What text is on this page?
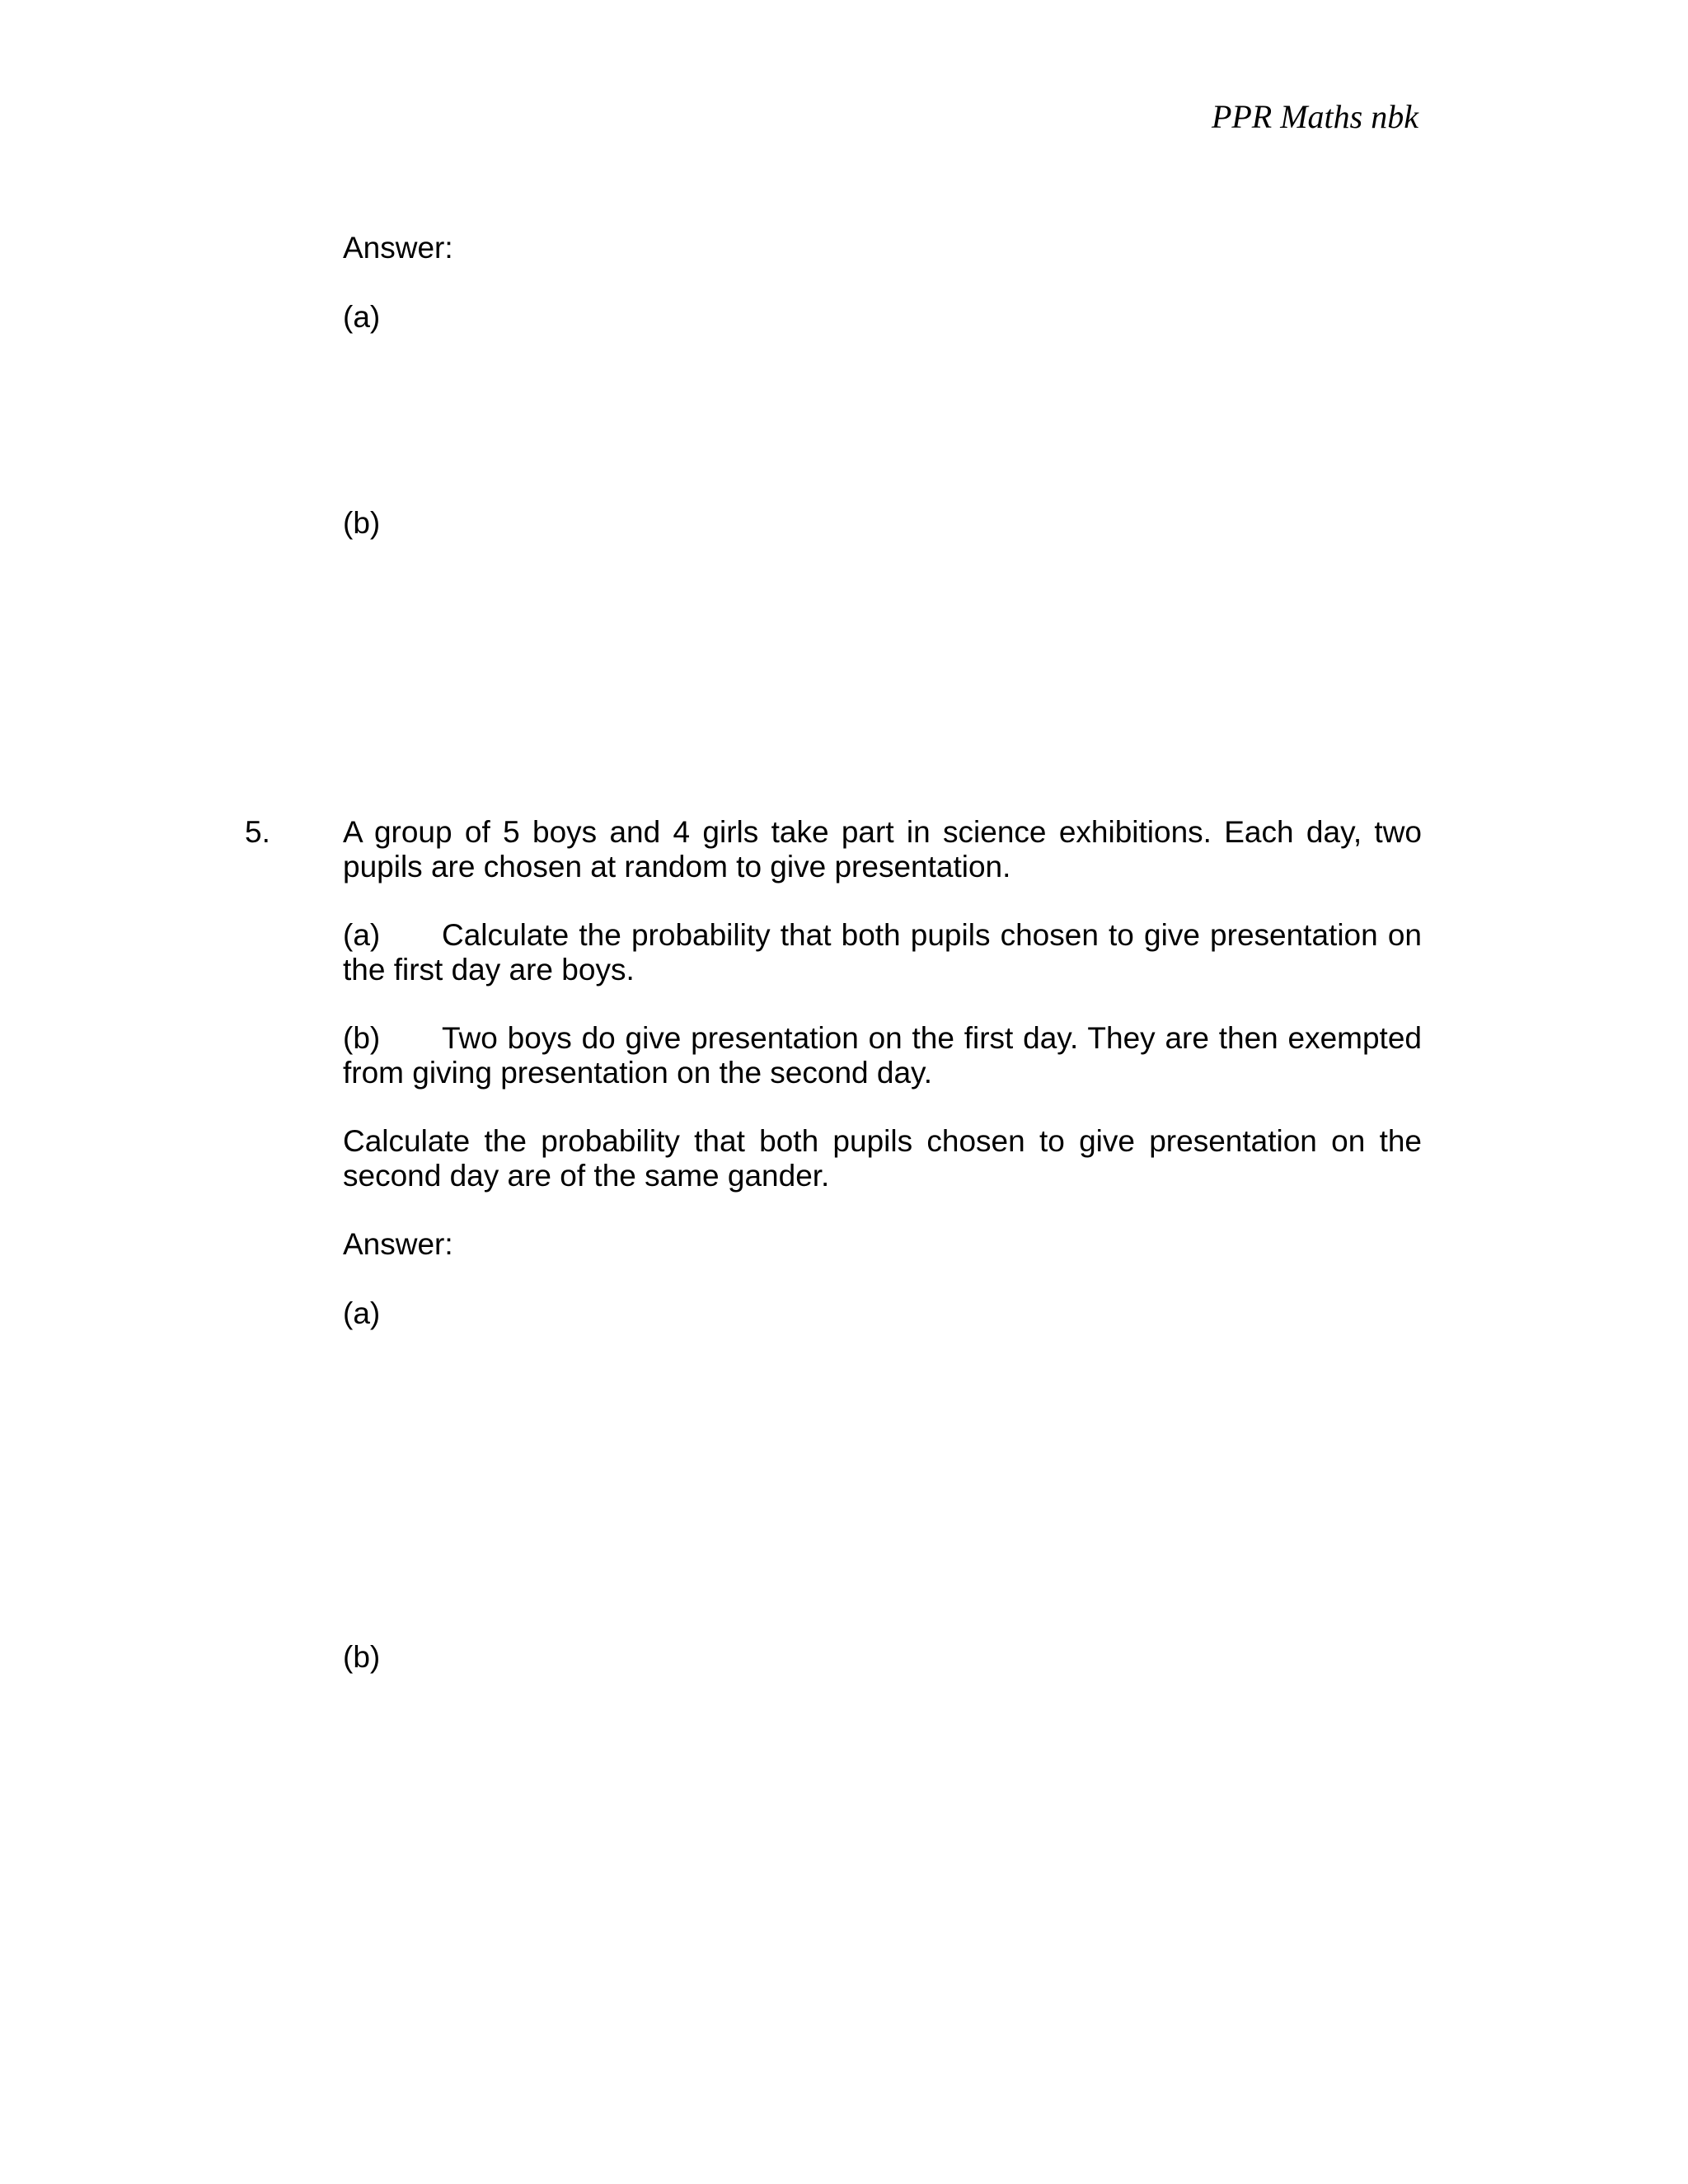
PPR Maths nbk
Answer:
(a)
(b)
5. A group of 5 boys and 4 girls take part in science exhibitions. Each day, two pupils are chosen at random to give presentation.
(a) Calculate the probability that both pupils chosen to give presentation on the first day are boys.
(b) Two boys do give presentation on the first day. They are then exempted from giving presentation on the second day.
Calculate the probability that both pupils chosen to give presentation on the second day are of the same gander.
Answer:
(a)
(b)
